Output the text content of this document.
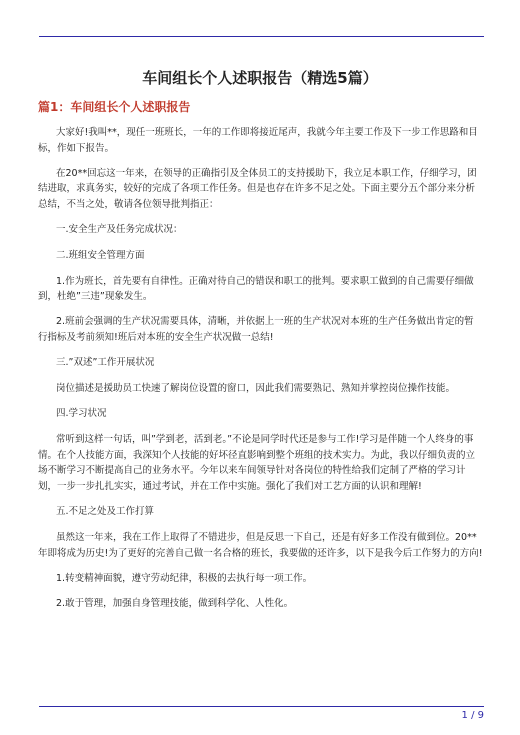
车间组长个人述职报告（精选5篇）
篇1：车间组长个人述职报告

大家好!我叫**，现任一班班长，一年的工作即将接近尾声，我就今年主要工作及下一步工作思路和目标，作如下报告。

在20**回忘这一年来，在领导的正确指引及全体员工的支持援助下，我立足本职工作，仔细学习，团结进取，求真务实，较好的完成了各项工作任务。但是也存在许多不足之处。下面主要分五个部分来分析总结，不当之处，敬请各位领导批判指正：

一.安全生产及任务完成状况：

二.班组安全管理方面

1.作为班长，首先要有自律性。正确对待自己的错误和职工的批判。要求职工做到的自己需要仔细做到，杜绝”三违”现象发生。

2.班前会强调的生产状况需要具体，清晰，并依据上一班的生产状况对本班的生产任务做出肯定的暂行指标及考前须知!班后对本班的安全生产状况做一总结!

三.”双述”工作开展状况

岗位描述是援助员工快速了解岗位设置的窗口，因此我们需要熟记、熟知并掌控岗位操作技能。

四.学习状况

常听到这样一句话，叫”学到老，活到老。”不论是同学时代还是参与工作!学习是伴随一个人终身的事情。在个人技能方面，我深知个人技能的好坏径直影响到整个班组的技术实力。为此，我以仔细负责的立场不断学习不断提高自己的业务水平。今年以来车间领导针对各岗位的特性给我们定制了严格的学习计划，一步一步扎扎实实，通过考试，并在工作中实施。强化了我们对工艺方面的认识和理解!

五.不足之处及工作打算

虽然这一年来，我在工作上取得了不错进步，但是反思一下自己，还是有好多工作没有做到位。20**年即将成为历史!为了更好的完善自己做一名合格的班长，我要做的还许多，以下是我今后工作努力的方向!

1.转变精神面貌，遵守劳动纪律，积极的去执行每一项工作。

2.敢于管理，加强自身管理技能，做到科学化、人性化。

1 / 9
